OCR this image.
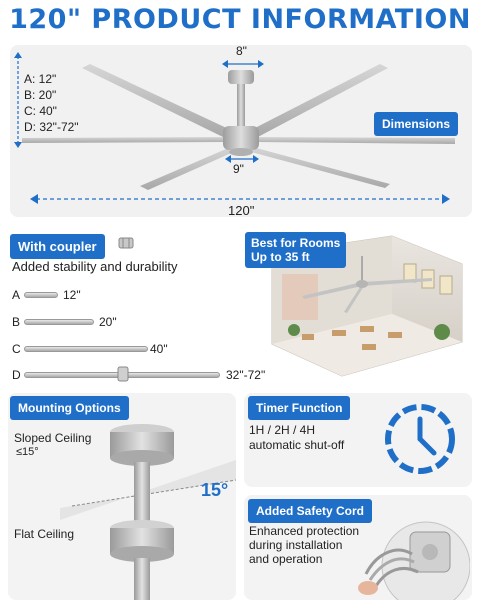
120" PRODUCT INFORMATION
A: 12"
B: 20"
C: 40"
D: 32"-72"
8"
9"
Dimensions
120"
With coupler
Added stability and durability
A	12"
B	20"
C	40"
D	32"-72"
Best for Rooms
Up to 35 ft
Mounting Options
Sloped Ceiling
≤15°
15°
Flat Ceiling
Timer Function
1H / 2H / 4H
automatic shut-off
Added Safety Cord
Enhanced protection
during installation
and operation
